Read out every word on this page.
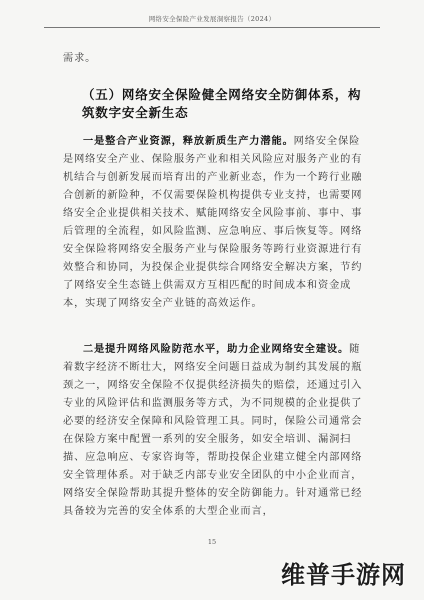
网络安全保险产业发展洞察报告（2024）

需求。

（五）网络安全保险健全网络安全防御体系，构筑数字安全新生态

一是整合产业资源，释放新质生产力潜能。网络安全保险是网络安全产业、保险服务产业和相关风险应对服务产业的有机结合与创新发展而培育出的产业新业态，作为一个跨行业融合创新的新险种，不仅需要保险机构提供专业支持，也需要网络安全企业提供相关技术、赋能网络安全风险事前、事中、事后管理的全流程，如风险监测、应急响应、事后恢复等。网络安全保险将网络安全服务产业与保险服务等跨行业资源进行有效整合和协同，为投保企业提供综合网络安全解决方案，节约了网络安全生态链上供需双方互相匹配的时间成本和资金成本，实现了网络安全产业链的高效运作。

二是提升网络风险防范水平，助力企业网络安全建设。随着数字经济不断壮大，网络安全问题日益成为制约其发展的瓶颈之一，网络安全保险不仅提供经济损失的赔偿，还通过引入专业的风险评估和监测服务等方式，为不同规模的企业提供了必要的经济安全保障和风险管理工具。同时，保险公司通常会在保险方案中配置一系列的安全服务，如安全培训、漏洞扫描、应急响应、专家咨询等，帮助投保企业建立健全内部网络安全管理体系。对于缺乏内部专业安全团队的中小企业而言，网络安全保险帮助其提升整体的安全防御能力。针对通常已经具备较为完善的安全体系的大型企业而言，

15
维普手游网
